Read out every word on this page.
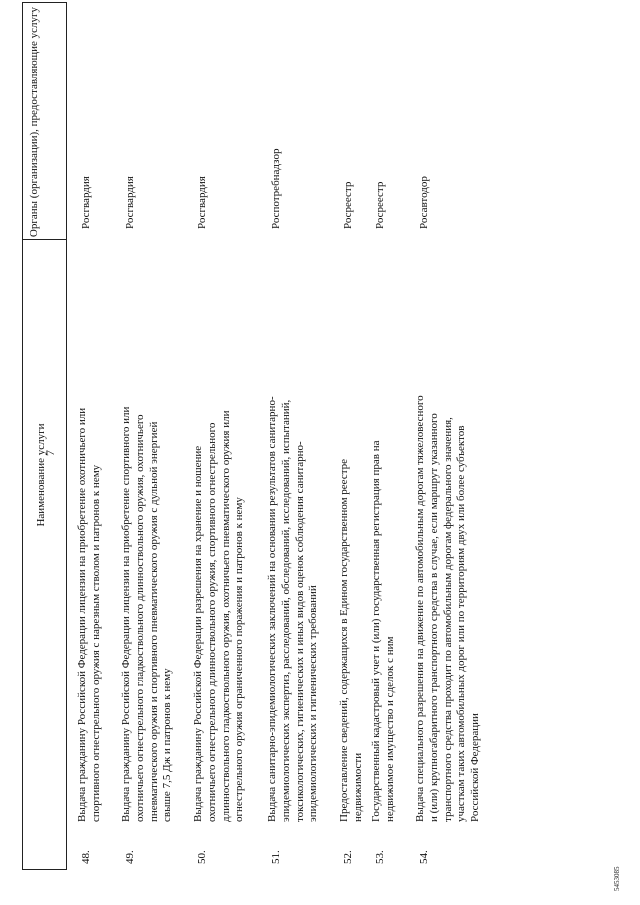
7
5453085
Наименование услуги
Органы (организации), предоставляющие услугу
48.
Выдача гражданину Российской Федерации лицензии на приобретение охотничьего или спортивного огнестрельного оружия с нарезным стволом и патронов к нему
Росгвардия
49.
Выдача гражданину Российской Федерации лицензии на приобретение спортивного или охотничьего огнестрельного гладкоствольного длинноствольного оружия, охотничьего пневматического оружия и спортивного пневматического оружия с дульной энергией свыше 7,5 Дж и патронов к нему
Росгвардия
50.
Выдача гражданину Российской Федерации разрешения на хранение и ношение охотничьего огнестрельного длинноствольного оружия, спортивного огнестрельного длинноствольного гладкоствольного оружия, охотничьего пневматического оружия или огнестрельного оружия ограниченного поражения и патронов к нему
Росгвардия
51.
Выдача санитарно-эпидемиологических заключений на основании результатов санитарно-эпидемиологических экспертиз, расследований, обследований, исследований, испытаний, токсикологических, гигиенических и иных видов оценок соблюдения санитарно-эпидемиологических и гигиенических требований
Роспотребнадзор
52.
Предоставление сведений, содержащихся в Едином государственном реестре недвижимости
Росреестр
53.
Государственный кадастровый учет и (или) государственная регистрация прав на недвижимое имущество и сделок с ним
Росреестр
54.
Выдача специального разрешения на движение по автомобильным дорогам тяжеловесного и (или) крупногабаритного транспортного средства в случае, если маршрут указанного транспортного средства проходит по автомобильным дорогам федерального значения, участкам таких автомобильных дорог или по территориям двух или более субъектов Российской Федерации
Росавтодор
